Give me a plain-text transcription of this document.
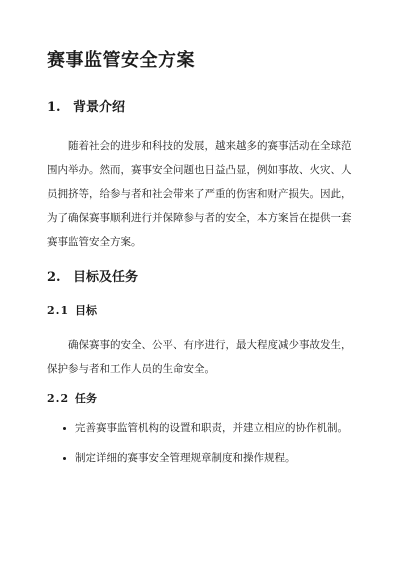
赛事监管安全方案
1. 背景介绍
随着社会的进步和科技的发展，越来越多的赛事活动在全球范
围内举办。然而，赛事安全问题也日益凸显，例如事故、火灾、人
员拥挤等，给参与者和社会带来了严重的伤害和财产损失。因此，
为了确保赛事顺利进行并保障参与者的安全，本方案旨在提供一套
赛事监管安全方案。
2. 目标及任务
2.1 目标
确保赛事的安全、公平、有序进行，最大程度减少事故发生，
保护参与者和工作人员的生命安全。
2.2 任务
完善赛事监管机构的设置和职责，并建立相应的协作机制。
制定详细的赛事安全管理规章制度和操作规程。
